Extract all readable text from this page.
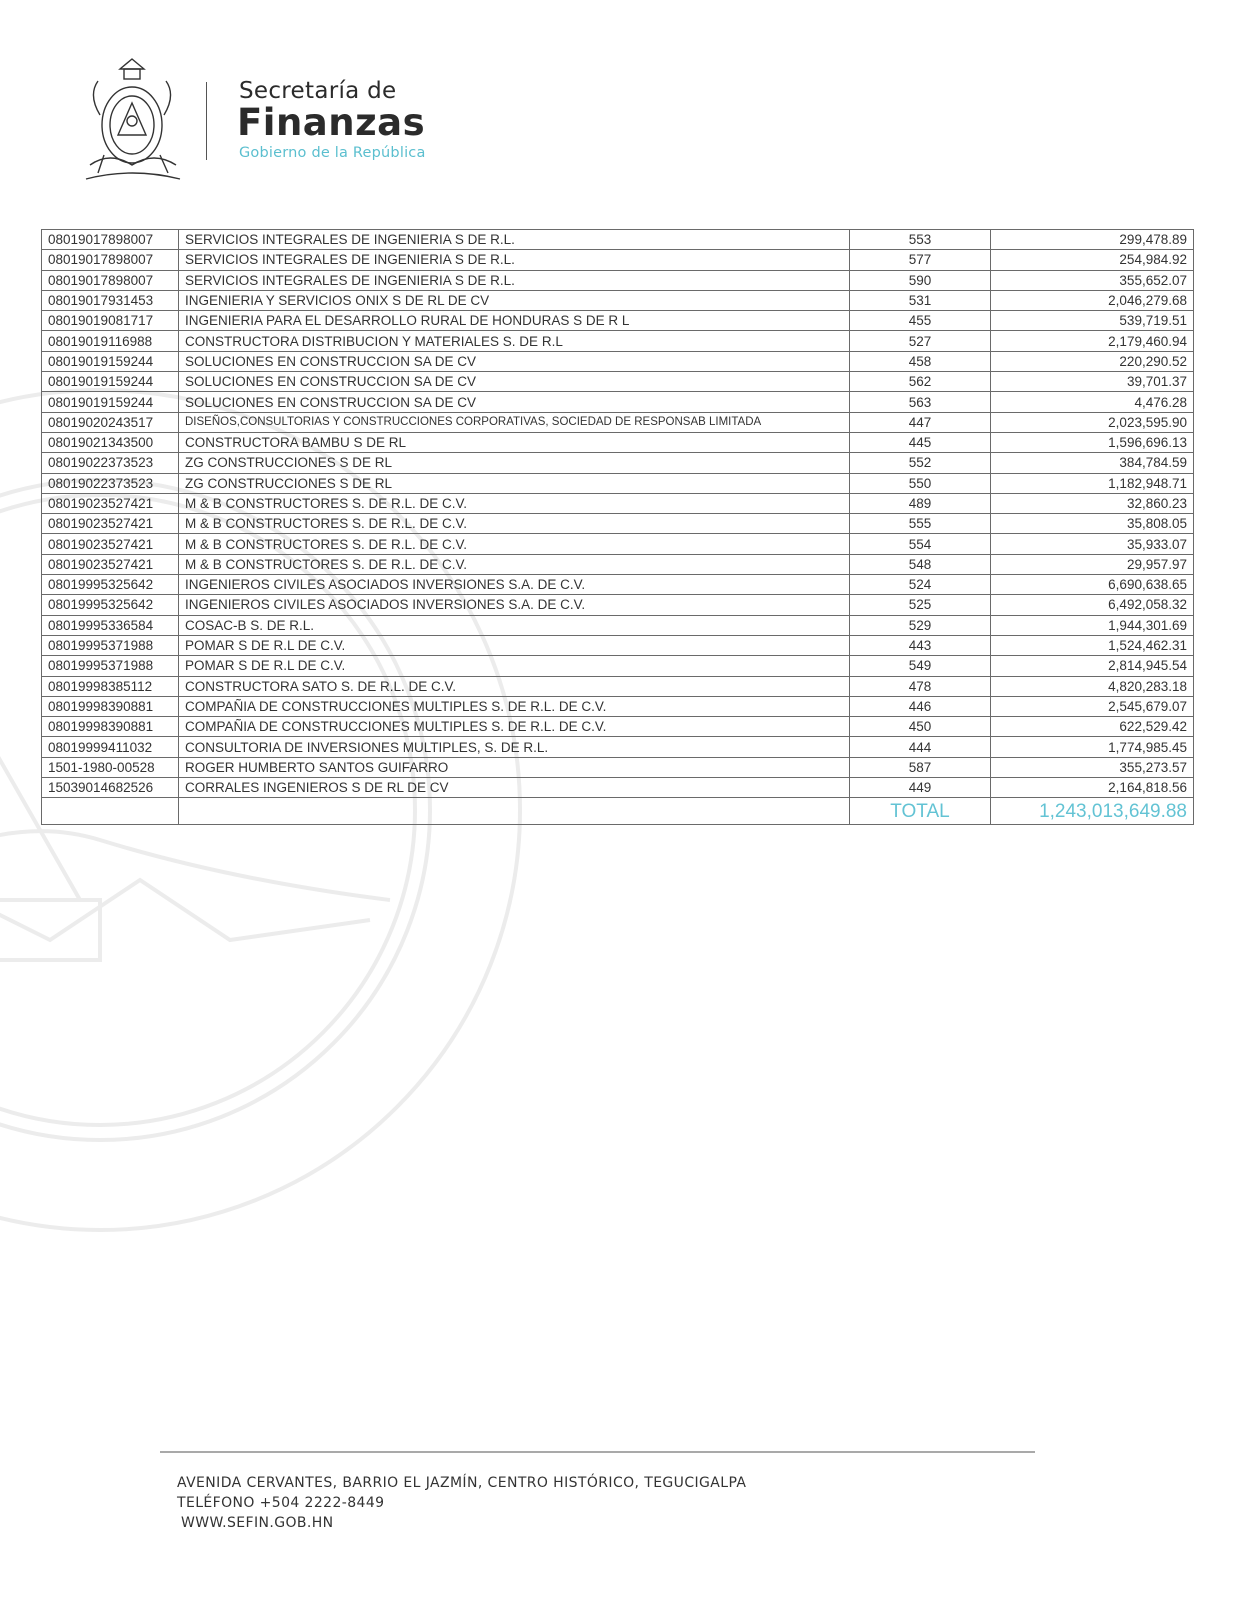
Secretaría de
Finanzas
Gobierno de la República
08019017898007	SERVICIOS INTEGRALES DE INGENIERIA S DE R.L.	553	299,478.89
08019017898007	SERVICIOS INTEGRALES DE INGENIERIA S DE R.L.	577	254,984.92
08019017898007	SERVICIOS INTEGRALES DE INGENIERIA S DE R.L.	590	355,652.07
08019017931453	INGENIERIA Y SERVICIOS ONIX S DE RL DE CV	531	2,046,279.68
08019019081717	INGENIERIA PARA EL DESARROLLO RURAL DE HONDURAS S DE R L	455	539,719.51
08019019116988	CONSTRUCTORA DISTRIBUCION Y MATERIALES S. DE R.L	527	2,179,460.94
08019019159244	SOLUCIONES EN CONSTRUCCION SA DE CV	458	220,290.52
08019019159244	SOLUCIONES EN CONSTRUCCION SA DE CV	562	39,701.37
08019019159244	SOLUCIONES EN CONSTRUCCION SA DE CV	563	4,476.28
08019020243517	DISEÑOS,CONSULTORIAS Y CONSTRUCCIONES CORPORATIVAS, SOCIEDAD DE RESPONSAB LIMITADA	447	2,023,595.90
08019021343500	CONSTRUCTORA BAMBU S DE RL	445	1,596,696.13
08019022373523	ZG CONSTRUCCIONES S DE RL	552	384,784.59
08019022373523	ZG CONSTRUCCIONES S DE RL	550	1,182,948.71
08019023527421	M & B CONSTRUCTORES S. DE R.L. DE C.V.	489	32,860.23
08019023527421	M & B CONSTRUCTORES S. DE R.L. DE C.V.	555	35,808.05
08019023527421	M & B CONSTRUCTORES S. DE R.L. DE C.V.	554	35,933.07
08019023527421	M & B CONSTRUCTORES S. DE R.L. DE C.V.	548	29,957.97
08019995325642	INGENIEROS CIVILES ASOCIADOS INVERSIONES S.A. DE C.V.	524	6,690,638.65
08019995325642	INGENIEROS CIVILES ASOCIADOS INVERSIONES S.A. DE C.V.	525	6,492,058.32
08019995336584	COSAC-B S. DE R.L.	529	1,944,301.69
08019995371988	POMAR S DE R.L DE C.V.	443	1,524,462.31
08019995371988	POMAR S DE R.L DE C.V.	549	2,814,945.54
08019998385112	CONSTRUCTORA SATO S. DE R.L. DE C.V.	478	4,820,283.18
08019998390881	COMPAÑIA DE CONSTRUCCIONES MULTIPLES S. DE R.L. DE C.V.	446	2,545,679.07
08019998390881	COMPAÑIA DE CONSTRUCCIONES MULTIPLES S. DE R.L. DE C.V.	450	622,529.42
08019999411032	CONSULTORIA DE INVERSIONES MULTIPLES, S. DE R.L.	444	1,774,985.45
1501-1980-00528	ROGER HUMBERTO SANTOS GUIFARRO	587	355,273.57
15039014682526	CORRALES INGENIEROS S DE RL DE CV	449	2,164,818.56
		TOTAL	1,243,013,649.88
AVENIDA CERVANTES, BARRIO EL JAZMÍN, CENTRO HISTÓRICO, TEGUCIGALPA
TELÉFONO +504 2222-8449
WWW.SEFIN.GOB.HN
